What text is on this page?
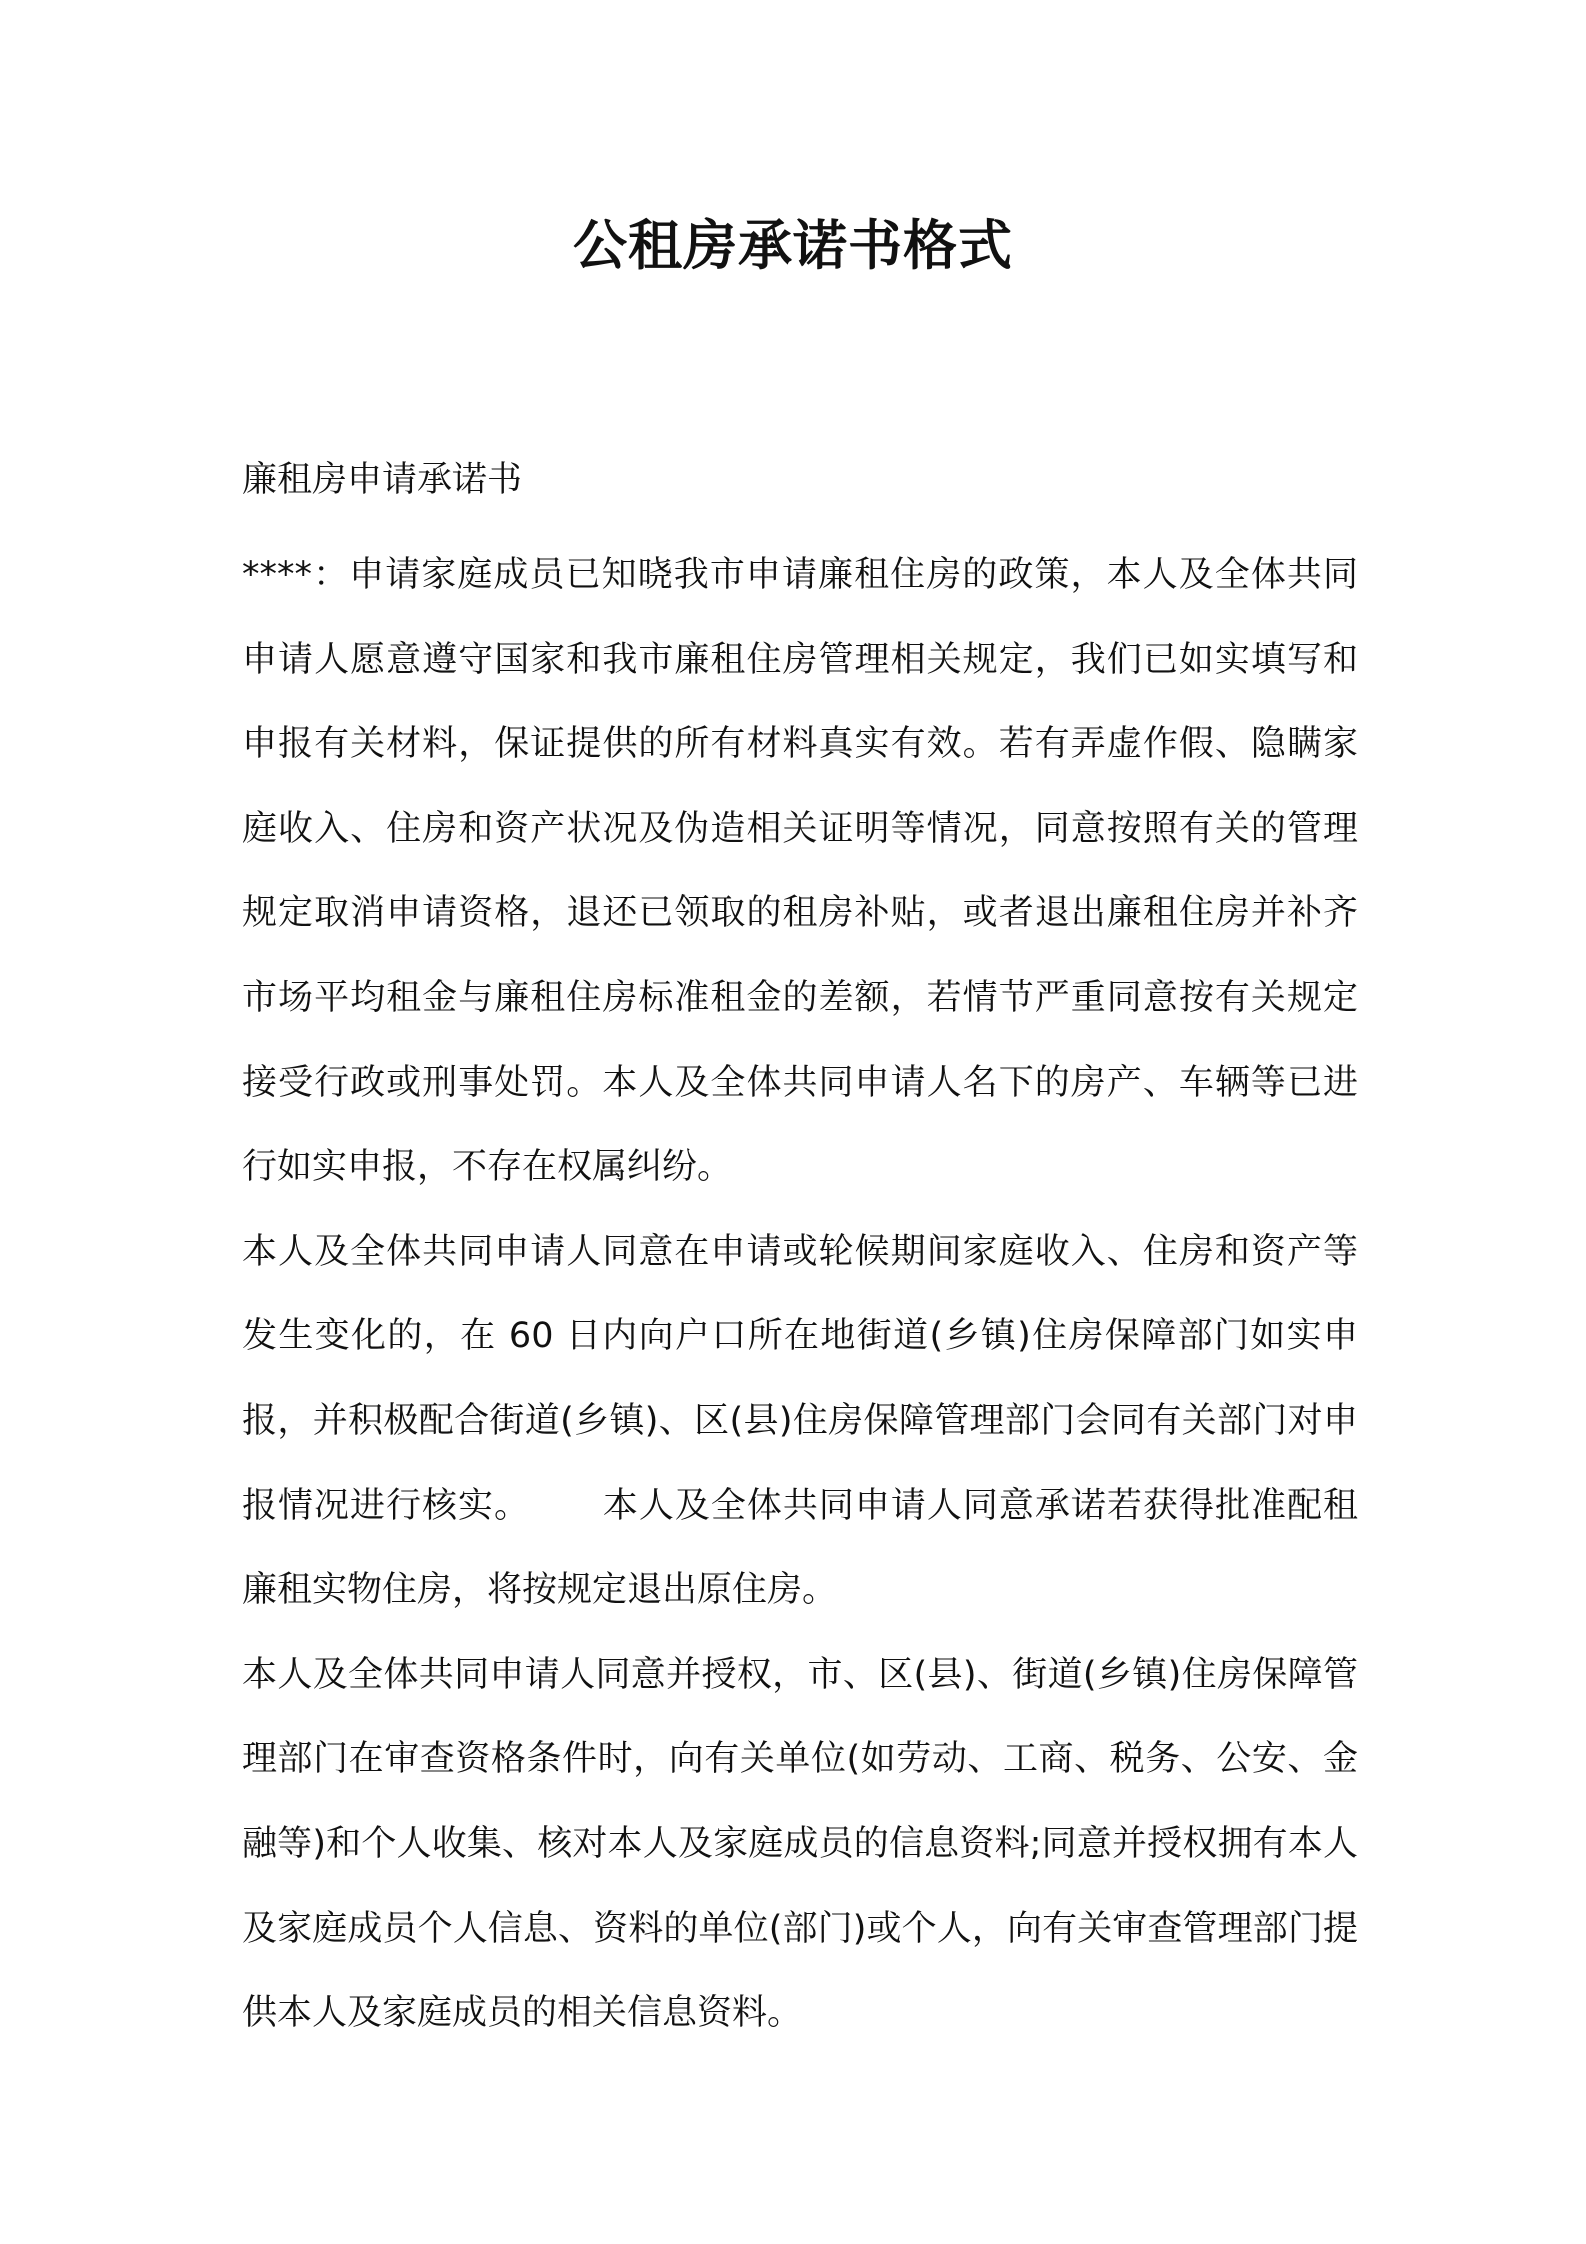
公租房承诺书格式

廉租房申请承诺书

****：申请家庭成员已知晓我市申请廉租住房的政策，本人及全体共同申请人愿意遵守国家和我市廉租住房管理相关规定，我们已如实填写和申报有关材料，保证提供的所有材料真实有效。若有弄虚作假、隐瞒家庭收入、住房和资产状况及伪造相关证明等情况，同意按照有关的管理规定取消申请资格，退还已领取的租房补贴，或者退出廉租住房并补齐市场平均租金与廉租住房标准租金的差额，若情节严重同意按有关规定接受行政或刑事处罚。本人及全体共同申请人名下的房产、车辆等已进行如实申报，不存在权属纠纷。

本人及全体共同申请人同意在申请或轮候期间家庭收入、住房和资产等发生变化的，在 60 日内向户口所在地街道(乡镇)住房保障部门如实申报，并积极配合街道(乡镇)、区(县)住房保障管理部门会同有关部门对申报情况进行核实。      本人及全体共同申请人同意承诺若获得批准配租廉租实物住房，将按规定退出原住房。

本人及全体共同申请人同意并授权，市、区(县)、街道(乡镇)住房保障管理部门在审查资格条件时，向有关单位(如劳动、工商、税务、公安、金融等)和个人收集、核对本人及家庭成员的信息资料;同意并授权拥有本人及家庭成员个人信息、资料的单位(部门)或个人，向有关审查管理部门提供本人及家庭成员的相关信息资料。
